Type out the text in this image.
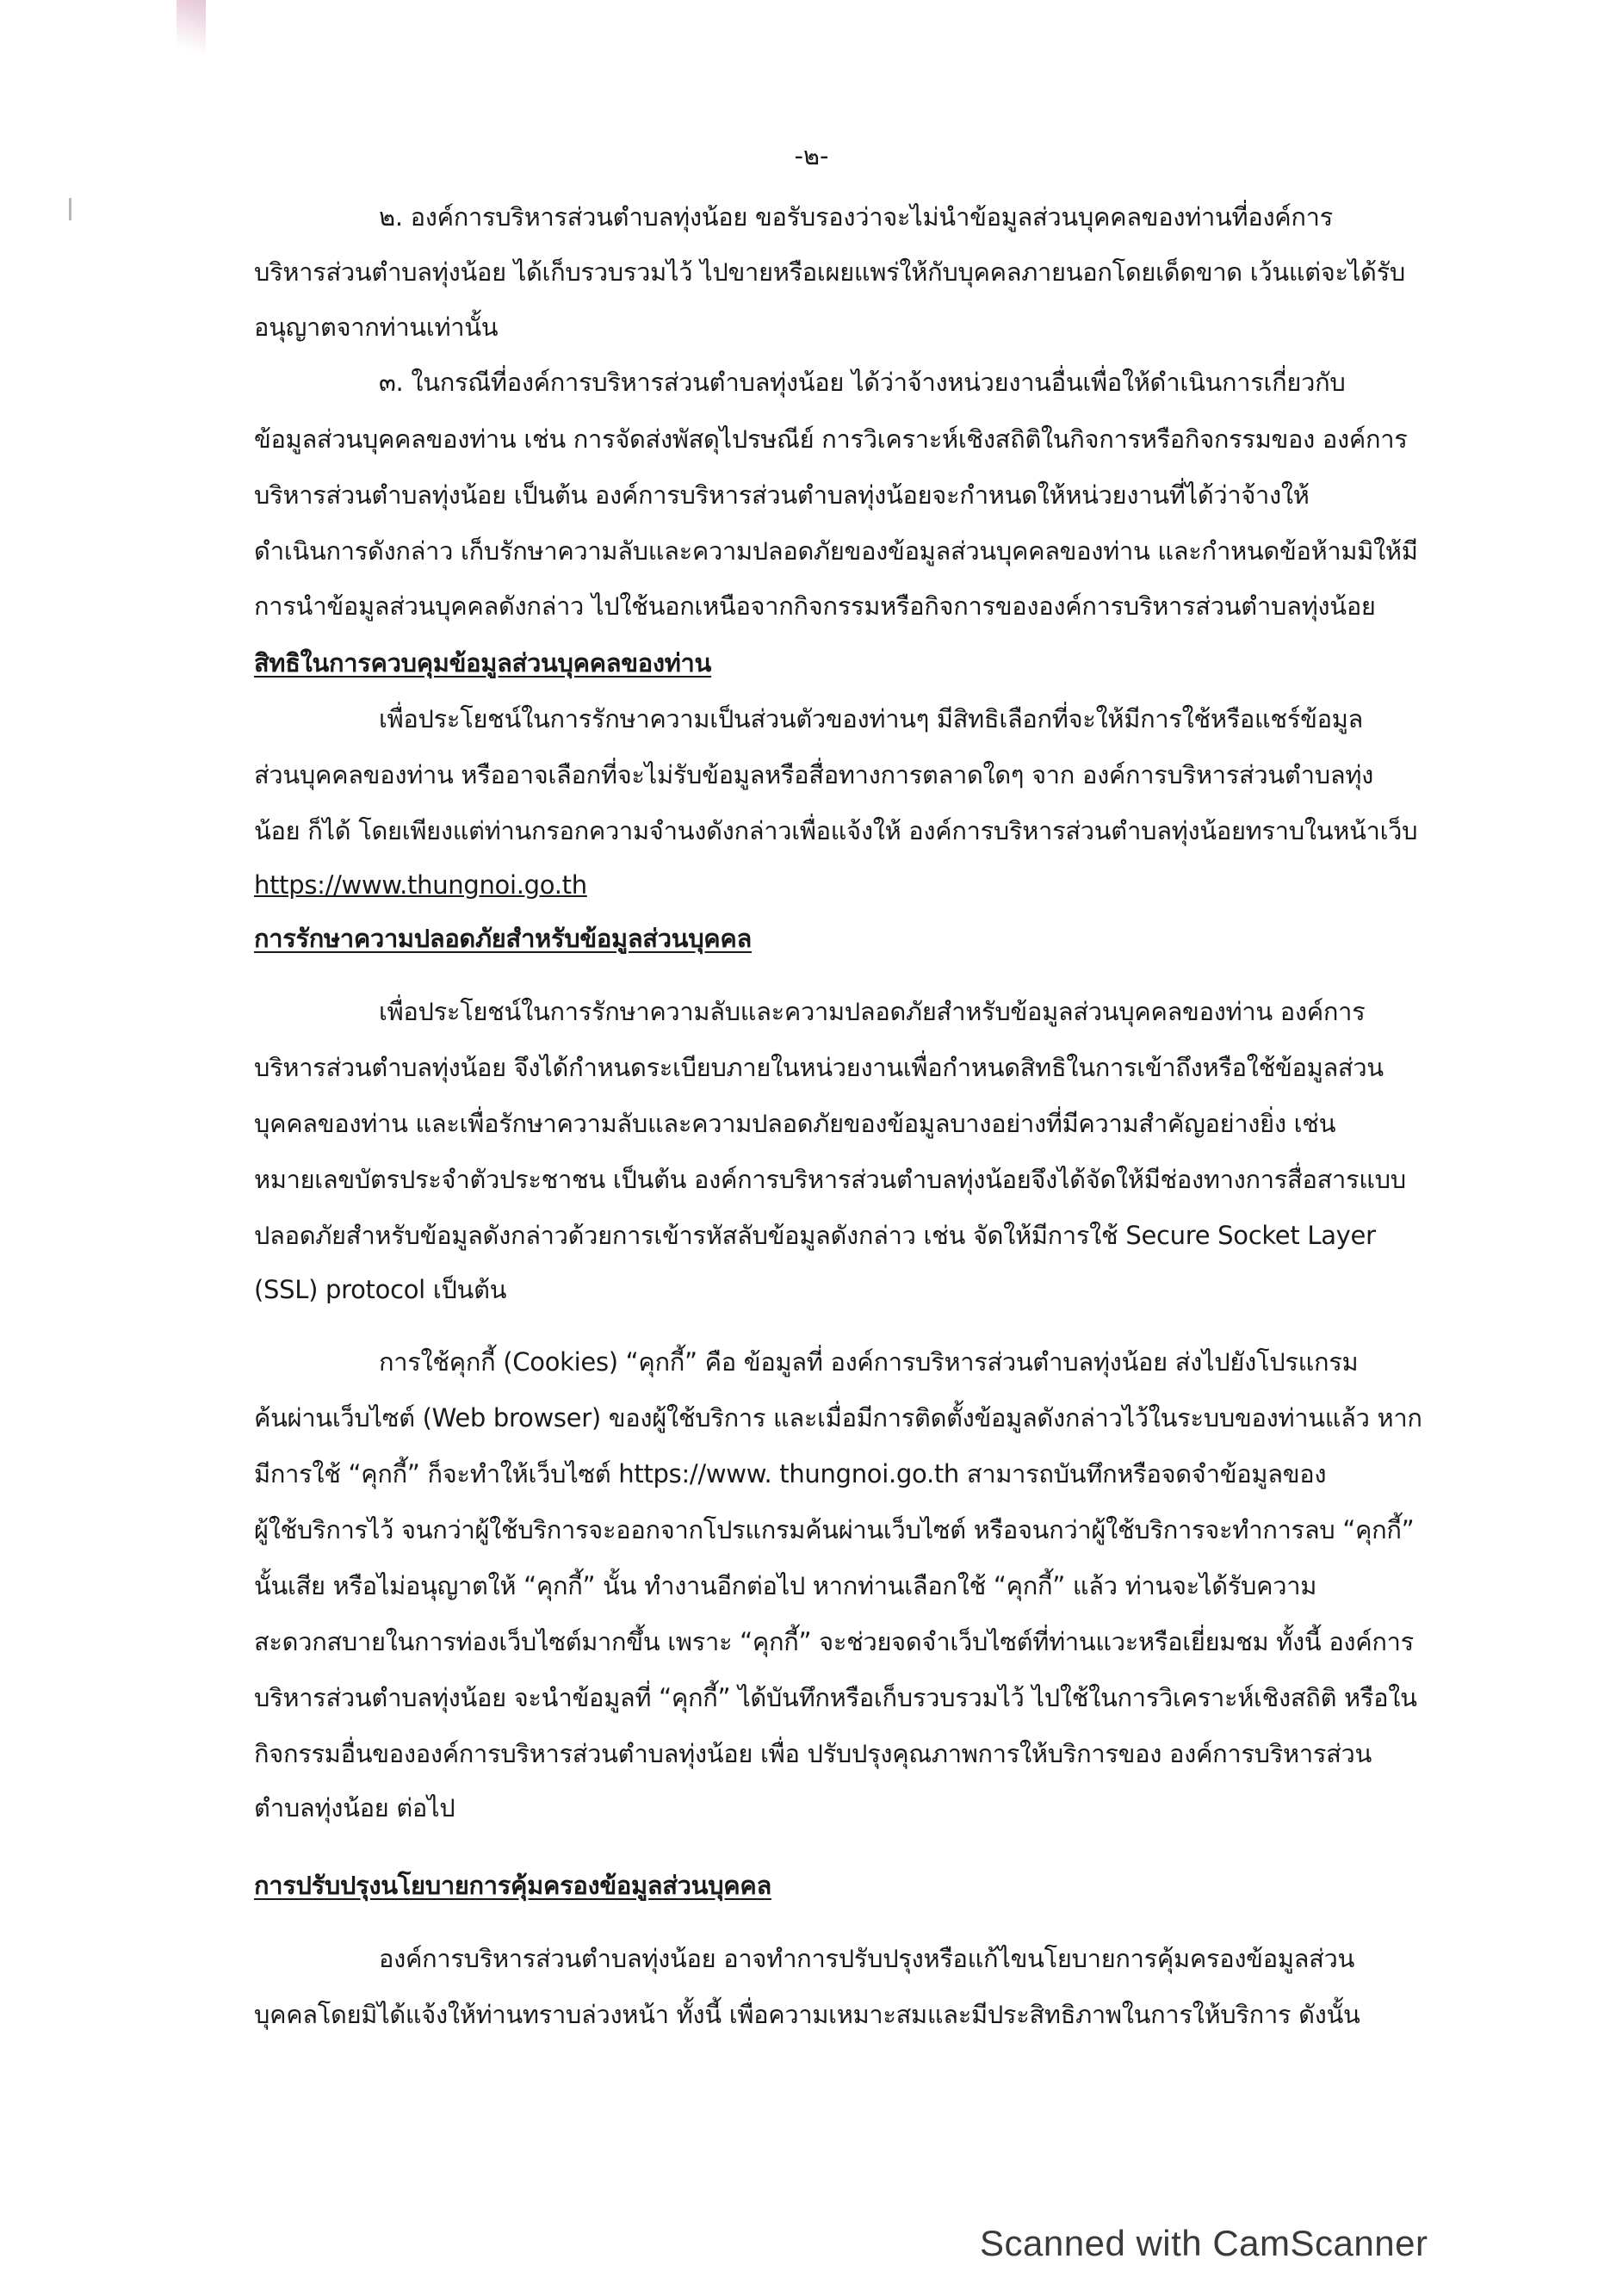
-๒-
๒. องค์การบริหารส่วนตำบลทุ่งน้อย ขอรับรองว่าจะไม่นำข้อมูลส่วนบุคคลของท่านที่องค์การ
บริหารส่วนตำบลทุ่งน้อย ได้เก็บรวบรวมไว้ ไปขายหรือเผยแพร่ให้กับบุคคลภายนอกโดยเด็ดขาด เว้นแต่จะได้รับ
อนุญาตจากท่านเท่านั้น
๓. ในกรณีที่องค์การบริหารส่วนตำบลทุ่งน้อย ได้ว่าจ้างหน่วยงานอื่นเพื่อให้ดำเนินการเกี่ยวกับ
ข้อมูลส่วนบุคคลของท่าน เช่น การจัดส่งพัสดุไปรษณีย์ การวิเคราะห์เชิงสถิติในกิจการหรือกิจกรรมของ องค์การ
บริหารส่วนตำบลทุ่งน้อย เป็นต้น องค์การบริหารส่วนตำบลทุ่งน้อยจะกำหนดให้หน่วยงานที่ได้ว่าจ้างให้
ดำเนินการดังกล่าว เก็บรักษาความลับและความปลอดภัยของข้อมูลส่วนบุคคลของท่าน และกำหนดข้อห้ามมิให้มี
การนำข้อมูลส่วนบุคคลดังกล่าว ไปใช้นอกเหนือจากกิจกรรมหรือกิจการขององค์การบริหารส่วนตำบลทุ่งน้อย
สิทธิในการควบคุมข้อมูลส่วนบุคคลของท่าน
เพื่อประโยชน์ในการรักษาความเป็นส่วนตัวของท่านๆ มีสิทธิเลือกที่จะให้มีการใช้หรือแชร์ข้อมูล
ส่วนบุคคลของท่าน หรืออาจเลือกที่จะไม่รับข้อมูลหรือสื่อทางการตลาดใดๆ จาก องค์การบริหารส่วนตำบลทุ่ง
น้อย ก็ได้ โดยเพียงแต่ท่านกรอกความจำนงดังกล่าวเพื่อแจ้งให้ องค์การบริหารส่วนตำบลทุ่งน้อยทราบในหน้าเว็บ
https://www.thungnoi.go.th
การรักษาความปลอดภัยสำหรับข้อมูลส่วนบุคคล
เพื่อประโยชน์ในการรักษาความลับและความปลอดภัยสำหรับข้อมูลส่วนบุคคลของท่าน องค์การ
บริหารส่วนตำบลทุ่งน้อย จึงได้กำหนดระเบียบภายในหน่วยงานเพื่อกำหนดสิทธิในการเข้าถึงหรือใช้ข้อมูลส่วน
บุคคลของท่าน และเพื่อรักษาความลับและความปลอดภัยของข้อมูลบางอย่างที่มีความสำคัญอย่างยิ่ง เช่น
หมายเลขบัตรประจำตัวประชาชน เป็นต้น องค์การบริหารส่วนตำบลทุ่งน้อยจึงได้จัดให้มีช่องทางการสื่อสารแบบ
ปลอดภัยสำหรับข้อมูลดังกล่าวด้วยการเข้ารหัสลับข้อมูลดังกล่าว เช่น จัดให้มีการใช้ Secure Socket Layer
(SSL) protocol เป็นต้น
การใช้คุกกี้ (Cookies) “คุกกี้” คือ ข้อมูลที่ องค์การบริหารส่วนตำบลทุ่งน้อย ส่งไปยังโปรแกรม
ค้นผ่านเว็บไซต์ (Web browser) ของผู้ใช้บริการ และเมื่อมีการติดตั้งข้อมูลดังกล่าวไว้ในระบบของท่านแล้ว หาก
มีการใช้ “คุกกี้” ก็จะทำให้เว็บไซต์ https://www. thungnoi.go.th สามารถบันทึกหรือจดจำข้อมูลของ
ผู้ใช้บริการไว้ จนกว่าผู้ใช้บริการจะออกจากโปรแกรมค้นผ่านเว็บไซต์ หรือจนกว่าผู้ใช้บริการจะทำการลบ “คุกกี้”
นั้นเสีย หรือไม่อนุญาตให้ “คุกกี้” นั้น ทำงานอีกต่อไป หากท่านเลือกใช้ “คุกกี้” แล้ว ท่านจะได้รับความ
สะดวกสบายในการท่องเว็บไซต์มากขึ้น เพราะ “คุกกี้” จะช่วยจดจำเว็บไซต์ที่ท่านแวะหรือเยี่ยมชม ทั้งนี้ องค์การ
บริหารส่วนตำบลทุ่งน้อย จะนำข้อมูลที่ “คุกกี้” ได้บันทึกหรือเก็บรวบรวมไว้ ไปใช้ในการวิเคราะห์เชิงสถิติ หรือใน
กิจกรรมอื่นขององค์การบริหารส่วนตำบลทุ่งน้อย เพื่อ ปรับปรุงคุณภาพการให้บริการของ องค์การบริหารส่วน
ตำบลทุ่งน้อย ต่อไป
การปรับปรุงนโยบายการคุ้มครองข้อมูลส่วนบุคคล
องค์การบริหารส่วนตำบลทุ่งน้อย อาจทำการปรับปรุงหรือแก้ไขนโยบายการคุ้มครองข้อมูลส่วน
บุคคลโดยมิได้แจ้งให้ท่านทราบล่วงหน้า ทั้งนี้ เพื่อความเหมาะสมและมีประสิทธิภาพในการให้บริการ ดังนั้น
Scanned with CamScanner
